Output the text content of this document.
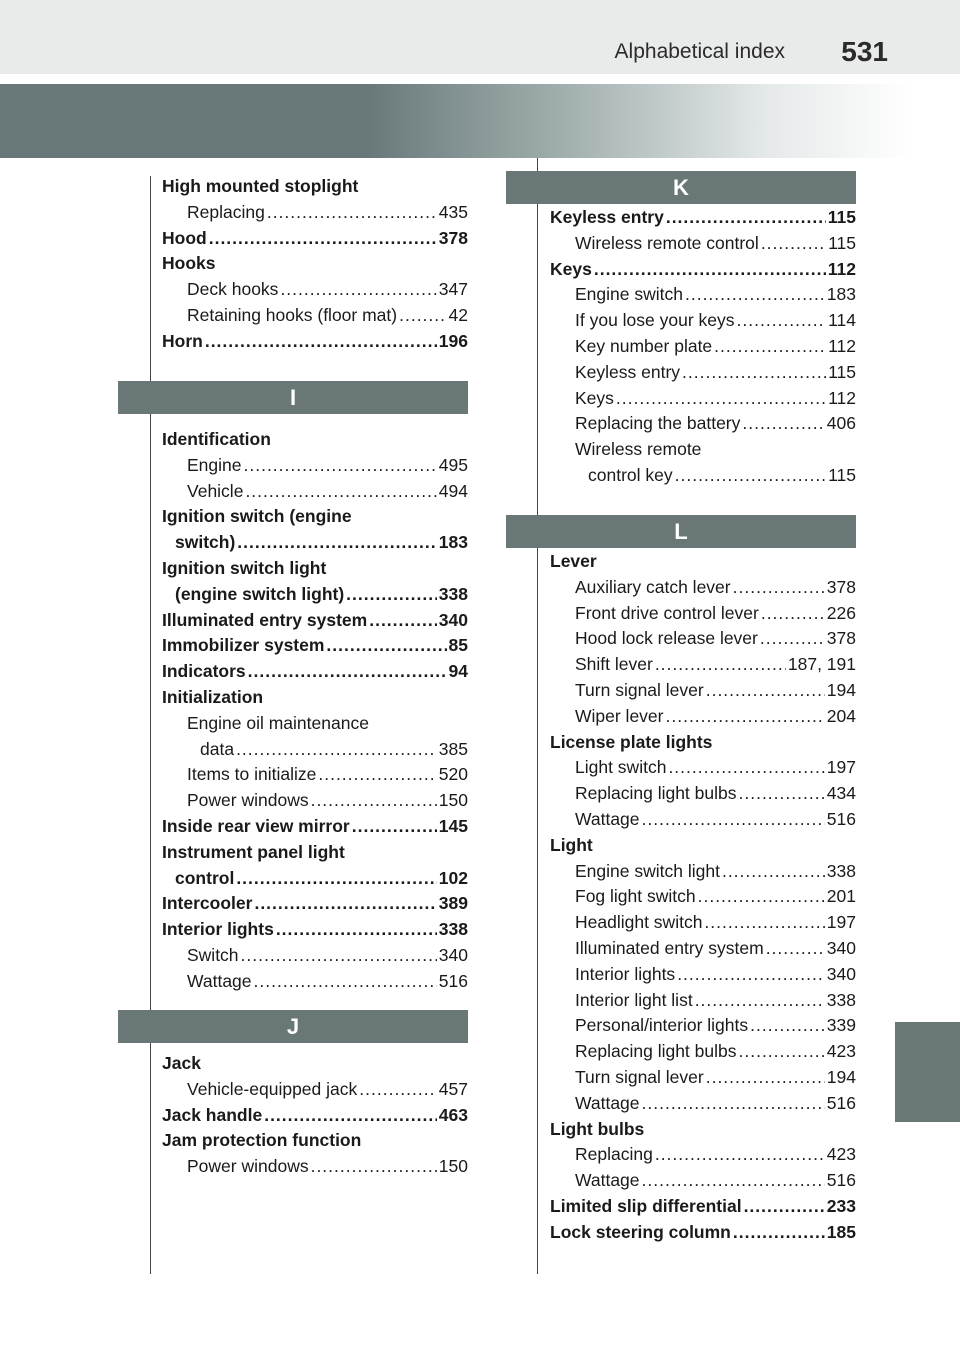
Alphabetical index 531
High mounted stoplight
Replacing .....	435
Hood .....	378
Hooks
Deck hooks .....	347
Retaining hooks (floor mat) .....	42
Horn .....	196
I
Identification
Engine .....	495
Vehicle .....	494
Ignition switch (engine
switch) .....	183
Ignition switch light
(engine switch light) .....	338
Illuminated entry system .....	340
Immobilizer system .....	85
Indicators .....	94
Initialization
Engine oil maintenance
data .....	385
Items to initialize .....	520
Power windows .....	150
Inside rear view mirror .....	145
Instrument panel light
control .....	102
Intercooler .....	389
Interior lights .....	338
Switch .....	340
Wattage .....	516
J
Jack
Vehicle-equipped jack .....	457
Jack handle .....	463
Jam protection function
Power windows .....	150
K
Keyless entry .....	115
Wireless remote control .....	115
Keys .....	112
Engine switch .....	183
If you lose your keys .....	114
Key number plate .....	112
Keyless entry .....	115
Keys .....	112
Replacing the battery .....	406
Wireless remote
control key .....	115
L
Lever
Auxiliary catch lever .....	378
Front drive control lever .....	226
Hood lock release lever .....	378
Shift lever .....	187, 191
Turn signal lever .....	194
Wiper lever .....	204
License plate lights
Light switch .....	197
Replacing light bulbs .....	434
Wattage .....	516
Light
Engine switch light .....	338
Fog light switch .....	201
Headlight switch .....	197
Illuminated entry system .....	340
Interior lights .....	340
Interior light list .....	338
Personal/interior lights .....	339
Replacing light bulbs .....	423
Turn signal lever .....	194
Wattage .....	516
Light bulbs
Replacing .....	423
Wattage .....	516
Limited slip differential .....	233
Lock steering column .....	185
